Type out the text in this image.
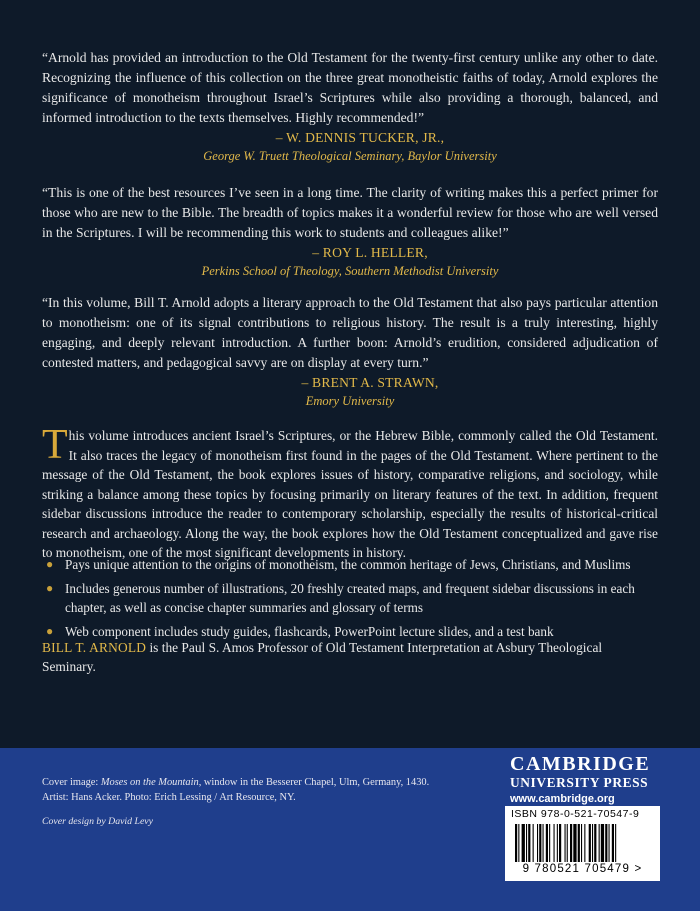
“Arnold has provided an introduction to the Old Testament for the twenty-first century unlike any other to date. Recognizing the influence of this collection on the three great monotheistic faiths of today, Arnold explores the significance of monotheism throughout Israel’s Scriptures while also providing a thorough, balanced, and informed introduction to the texts themselves. Highly recommended!”

– W. DENNIS TUCKER, JR.,
George W. Truett Theological Seminary, Baylor University

“This is one of the best resources I’ve seen in a long time. The clarity of writing makes this a perfect primer for those who are new to the Bible. The breadth of topics makes it a wonderful review for those who are well versed in the Scriptures. I will be recommending this work to students and colleagues alike!”

– ROY L. HELLER,
Perkins School of Theology, Southern Methodist University

“In this volume, Bill T. Arnold adopts a literary approach to the Old Testament that also pays particular attention to monotheism: one of its signal contributions to religious history. The result is a truly interesting, highly engaging, and deeply relevant introduction. A further boon: Arnold’s erudition, considered adjudication of contested matters, and pedagogical savvy are on display at every turn.”

– BRENT A. STRAWN,
Emory University
T his volume introduces ancient Israel’s Scriptures, or the Hebrew Bible, commonly called the Old Testament. It also traces the legacy of monotheism first found in the pages of the Old Testament. Where pertinent to the message of the Old Testament, the book explores issues of history, comparative religions, and sociology, while striking a balance among these topics by focusing primarily on literary features of the text. In addition, frequent sidebar discussions introduce the reader to contemporary scholarship, especially the results of historical-critical research and archaeology. Along the way, the book explores how the Old Testament conceptualized and gave rise to monotheism, one of the most significant developments in history.
● Pays unique attention to the origins of monotheism, the common heritage of Jews, Christians, and Muslims
● Includes generous number of illustrations, 20 freshly created maps, and frequent sidebar discussions in each chapter, as well as concise chapter summaries and glossary of terms
● Web component includes study guides, flashcards, PowerPoint lecture slides, and a test bank

BILL T. ARNOLD is the Paul S. Amos Professor of Old Testament Interpretation at Asbury Theological Seminary.

Cover image: Moses on the Mountain, window in the Besserer Chapel, Ulm, Germany, 1430.
Artist: Hans Acker. Photo: Erich Lessing / Art Resource, NY.
Cover design by David Levy
CAMBRIDGE
UNIVERSITY PRESS
www.cambridge.org
ISBN 978-0-521-70547-9
9 780521 705479 >
